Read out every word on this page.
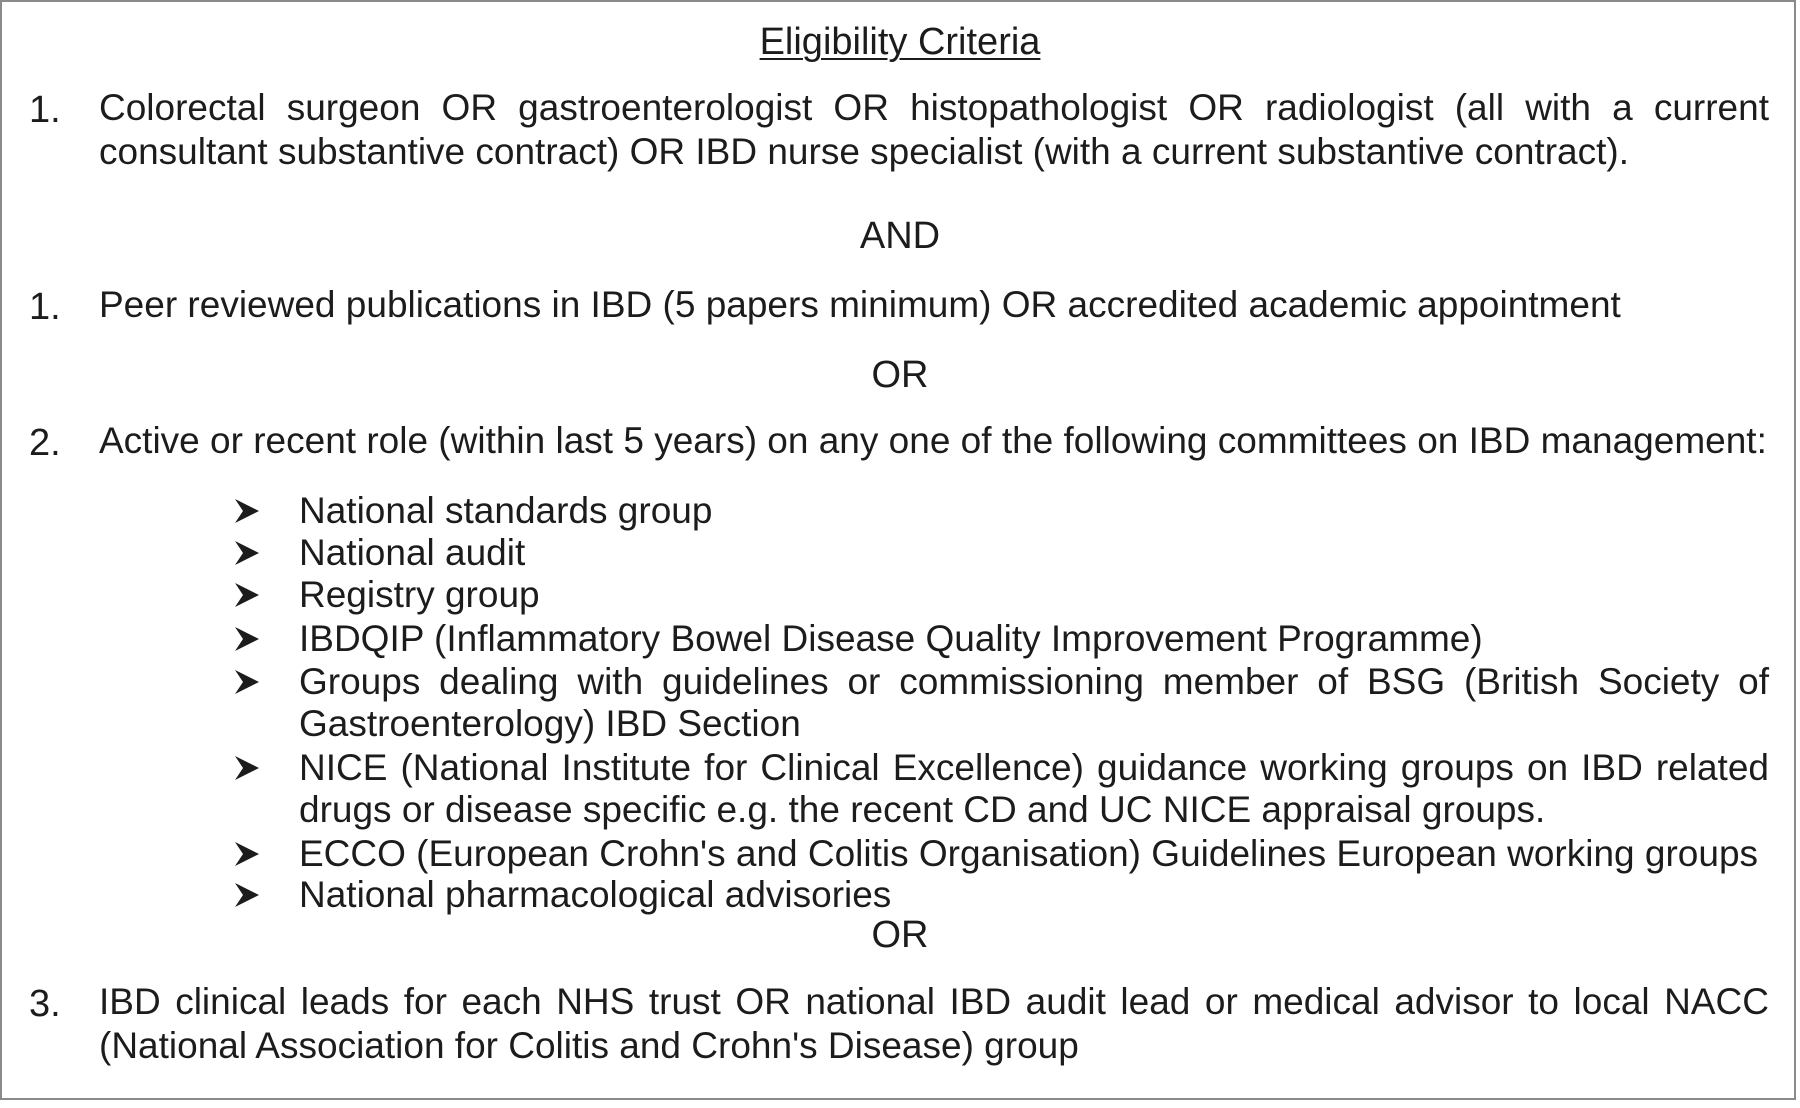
Eligibility Criteria
1. Colorectal surgeon OR gastroenterologist OR histopathologist OR radiologist (all with a current consultant substantive contract) OR IBD nurse specialist (with a current substantive contract).
AND
1. Peer reviewed publications in IBD (5 papers minimum) OR accredited academic appointment
OR
2. Active or recent role (within last 5 years) on any one of the following committees on IBD management:
National standards group
National audit
Registry group
IBDQIP (Inflammatory Bowel Disease Quality Improvement Programme)
Groups dealing with guidelines or commissioning member of BSG (British Society of Gastroenterology) IBD Section
NICE (National Institute for Clinical Excellence) guidance working groups on IBD related drugs or disease specific e.g. the recent CD and UC NICE appraisal groups.
ECCO (European Crohn's and Colitis Organisation) Guidelines European working groups
National pharmacological advisories
OR
3. IBD clinical leads for each NHS trust OR national IBD audit lead or medical advisor to local NACC (National Association for Colitis and Crohn's Disease) group
